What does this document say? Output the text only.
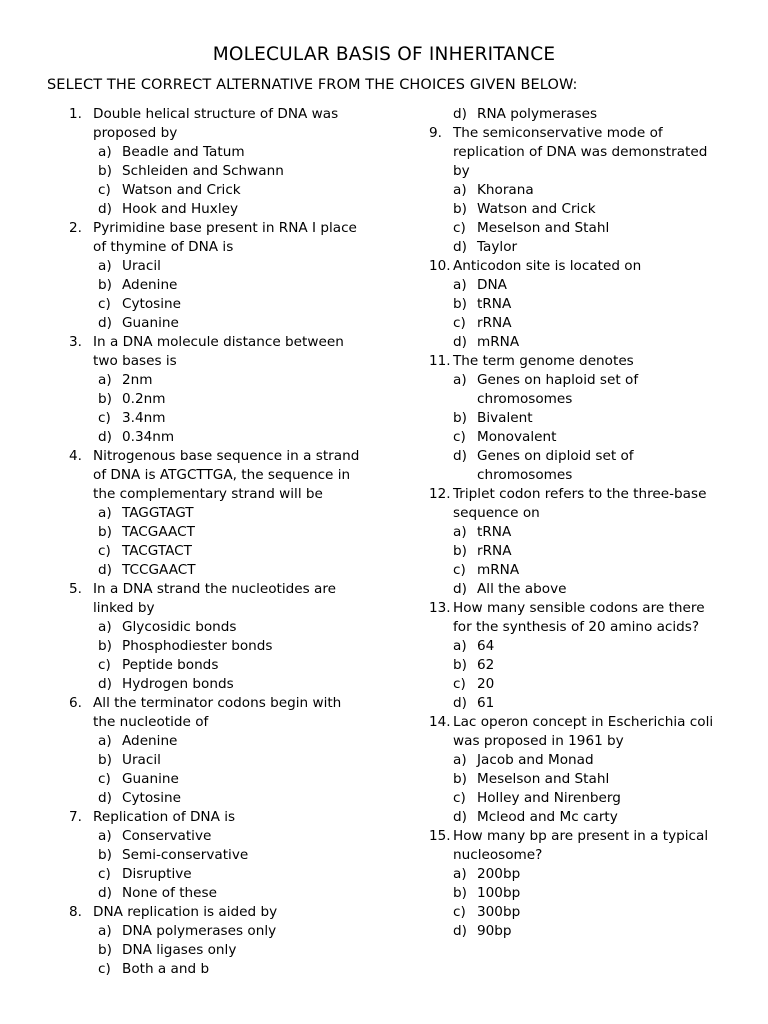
MOLECULAR BASIS OF INHERITANCE
SELECT THE CORRECT ALTERNATIVE FROM THE CHOICES GIVEN BELOW:
1. Double helical structure of DNA was
proposed by
a) Beadle and Tatum
b) Schleiden and Schwann
c) Watson and Crick
d) Hook and Huxley
2. Pyrimidine base present in RNA I place
of thymine of DNA is
a) Uracil
b) Adenine
c) Cytosine
d) Guanine
3. In a DNA molecule distance between
two bases is
a) 2nm
b) 0.2nm
c) 3.4nm
d) 0.34nm
4. Nitrogenous base sequence in a strand
of DNA is ATGCTTGA, the sequence in
the complementary strand will be
a) TAGGTAGT
b) TACGAACT
c) TACGTACT
d) TCCGAACT
5. In a DNA strand the nucleotides are
linked by
a) Glycosidic bonds
b) Phosphodiester bonds
c) Peptide bonds
d) Hydrogen bonds
6. All the terminator codons begin with
the nucleotide of
a) Adenine
b) Uracil
c) Guanine
d) Cytosine
7. Replication of DNA is
a) Conservative
b) Semi-conservative
c) Disruptive
d) None of these
8. DNA replication is aided by
a) DNA polymerases only
b) DNA ligases only
c) Both a and b
d) RNA polymerases
9. The semiconservative mode of
replication of DNA was demonstrated
by
a) Khorana
b) Watson and Crick
c) Meselson and Stahl
d) Taylor
10. Anticodon site is located on
a) DNA
b) tRNA
c) rRNA
d) mRNA
11. The term genome denotes
a) Genes on haploid set of
chromosomes
b) Bivalent
c) Monovalent
d) Genes on diploid set of
chromosomes
12. Triplet codon refers to the three-base
sequence on
a) tRNA
b) rRNA
c) mRNA
d) All the above
13. How many sensible codons are there
for the synthesis of 20 amino acids?
a) 64
b) 62
c) 20
d) 61
14. Lac operon concept in Escherichia coli
was proposed in 1961 by
a) Jacob and Monad
b) Meselson and Stahl
c) Holley and Nirenberg
d) Mcleod and Mc carty
15. How many bp are present in a typical
nucleosome?
a) 200bp
b) 100bp
c) 300bp
d) 90bp
